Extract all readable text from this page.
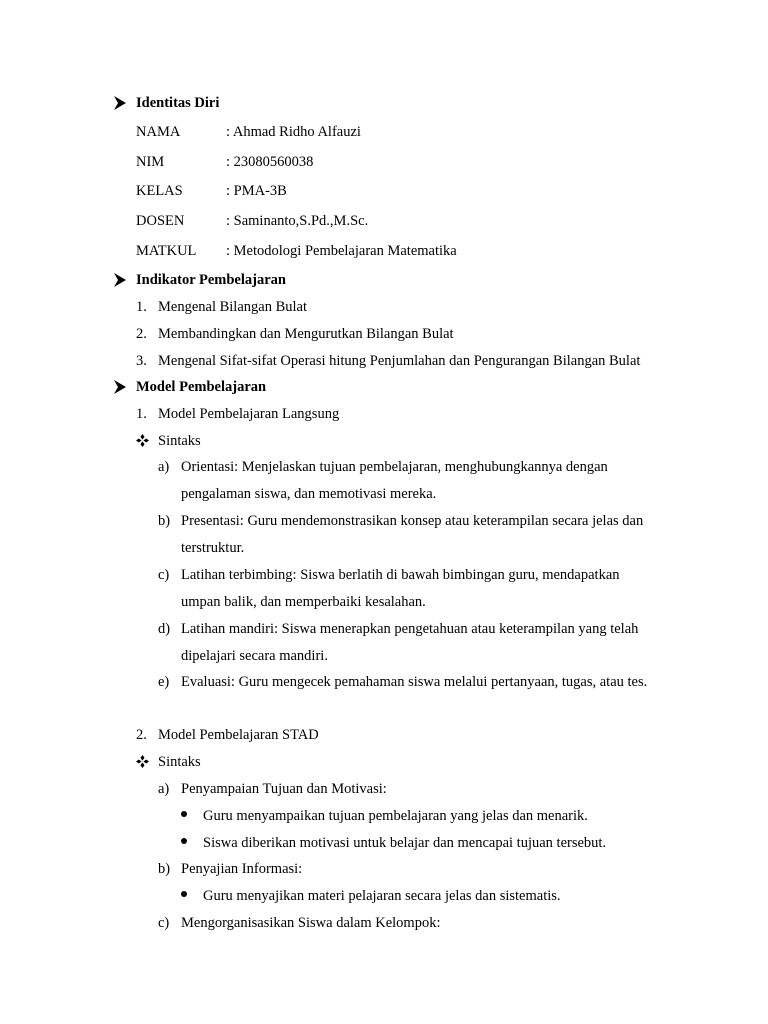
Identitas Diri
NAMA	: Ahmad Ridho Alfauzi
NIM	: 23080560038
KELAS	: PMA-3B
DOSEN	: Saminanto,S.Pd.,M.Sc.
MATKUL : Metodologi Pembelajaran Matematika
Indikator Pembelajaran
1. Mengenal Bilangan Bulat
2. Membandingkan dan Mengurutkan Bilangan Bulat
3. Mengenal Sifat-sifat Operasi hitung Penjumlahan dan Pengurangan Bilangan Bulat
Model Pembelajaran
1. Model Pembelajaran Langsung
Sintaks
a) Orientasi: Menjelaskan tujuan pembelajaran, menghubungkannya dengan
pengalaman siswa, dan memotivasi mereka.
b) Presentasi: Guru mendemonstrasikan konsep atau keterampilan secara jelas dan
terstruktur.
c) Latihan terbimbing: Siswa berlatih di bawah bimbingan guru, mendapatkan
umpan balik, dan memperbaiki kesalahan.
d) Latihan mandiri: Siswa menerapkan pengetahuan atau keterampilan yang telah
dipelajari secara mandiri.
e) Evaluasi: Guru mengecek pemahaman siswa melalui pertanyaan, tugas, atau tes.
2. Model Pembelajaran STAD
Sintaks
a) Penyampaian Tujuan dan Motivasi:
Guru menyampaikan tujuan pembelajaran yang jelas dan menarik.
Siswa diberikan motivasi untuk belajar dan mencapai tujuan tersebut.
b) Penyajian Informasi:
Guru menyajikan materi pelajaran secara jelas dan sistematis.
c) Mengorganisasikan Siswa dalam Kelompok:
